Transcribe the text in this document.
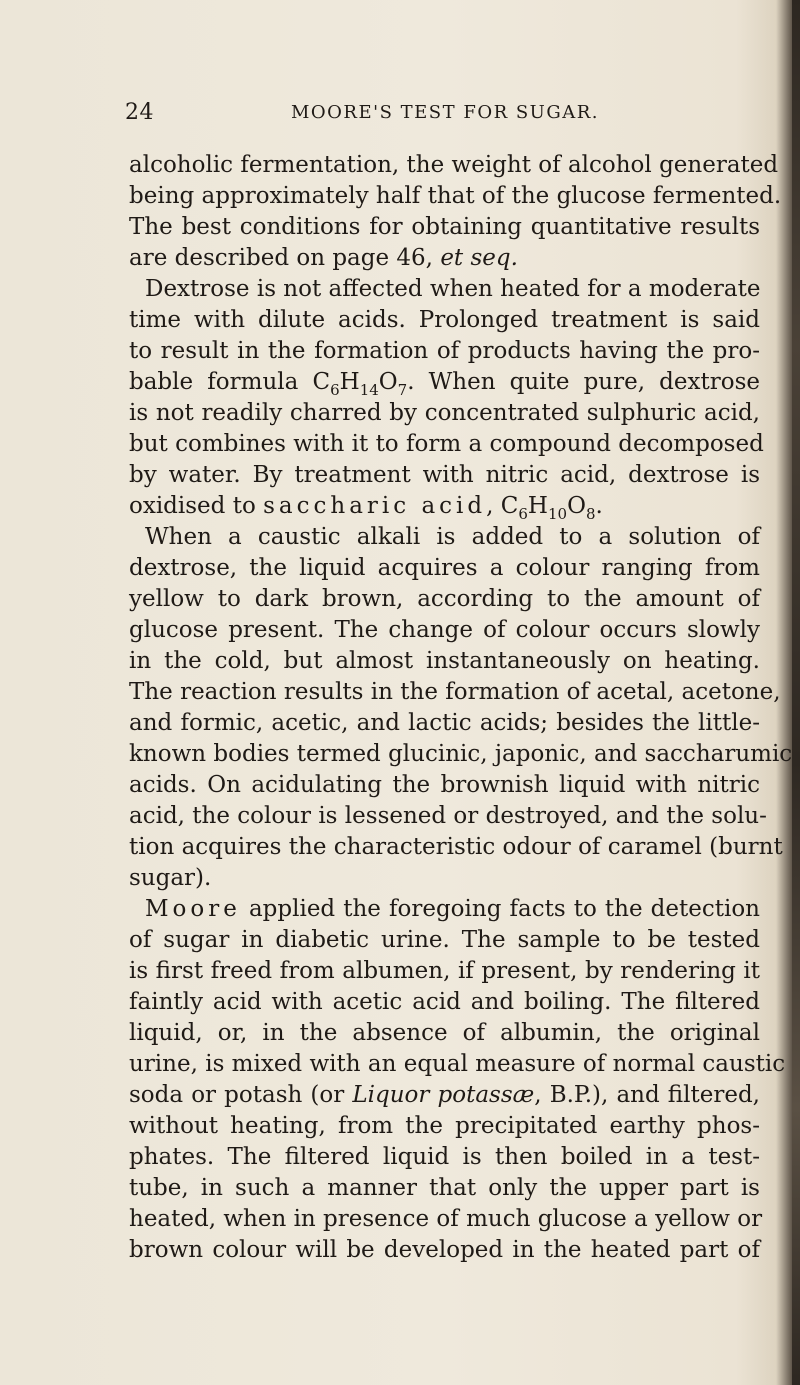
24	MOORE'S TEST FOR SUGAR.
alcoholic fermentation, the weight of alcohol generated
being approximately half that of the glucose fermented.
The best conditions for obtaining quantitative results
are described on page 46, et seq.
Dextrose is not affected when heated for a moderate
time with dilute acids. Prolonged treatment is said
to result in the formation of products having the pro-
bable formula $C_6H_{14}O_7$. When quite pure, dextrose
is not readily charred by concentrated sulphuric acid,
but combines with it to form a compound decomposed
by water. By treatment with nitric acid, dextrose is
oxidised to saccharic acid, $C_6H_{10}O_8$.
When a caustic alkali is added to a solution of
dextrose, the liquid acquires a colour ranging from
yellow to dark brown, according to the amount of
glucose present. The change of colour occurs slowly
in the cold, but almost instantaneously on heating.
The reaction results in the formation of acetal, acetone,
and formic, acetic, and lactic acids; besides the little-
known bodies termed glucinic, japonic, and saccharumic
acids. On acidulating the brownish liquid with nitric
acid, the colour is lessened or destroyed, and the solu-
tion acquires the characteristic odour of caramel (burnt
sugar).
Moore applied the foregoing facts to the detection
of sugar in diabetic urine. The sample to be tested
is first freed from albumen, if present, by rendering it
faintly acid with acetic acid and boiling. The filtered
liquid, or, in the absence of albumin, the original
urine, is mixed with an equal measure of normal caustic
soda or potash (or Liquor potassæ, B.P.), and filtered,
without heating, from the precipitated earthy phos-
phates. The filtered liquid is then boiled in a test-
tube, in such a manner that only the upper part is
heated, when in presence of much glucose a yellow or
brown colour will be developed in the heated part of
